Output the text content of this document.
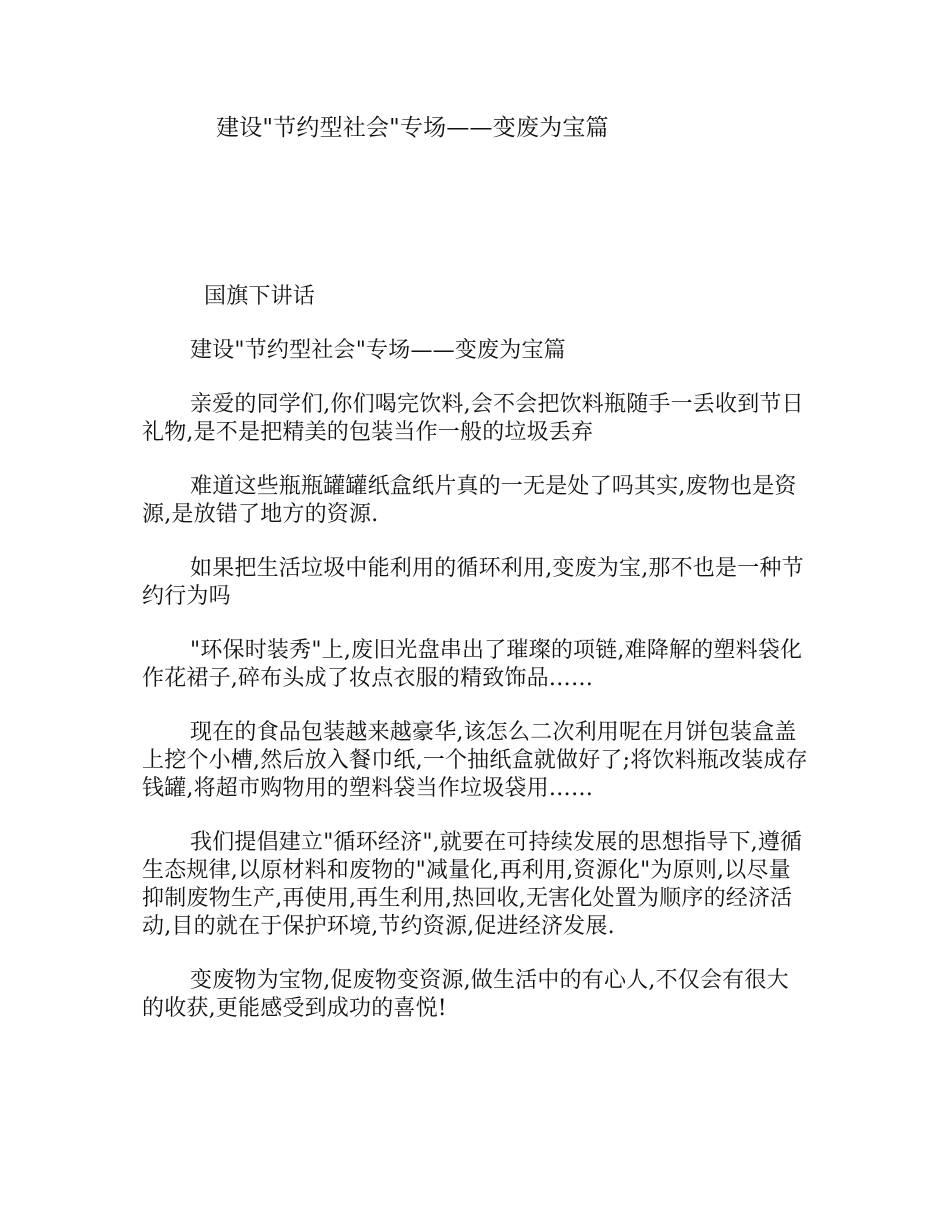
建设"节约型社会"专场——变废为宝篇

国旗下讲话

建设"节约型社会"专场——变废为宝篇

亲爱的同学们,你们喝完饮料,会不会把饮料瓶随手一丢收到节日礼物,是不是把精美的包装当作一般的垃圾丢弃

难道这些瓶瓶罐罐纸盒纸片真的一无是处了吗其实,废物也是资源,是放错了地方的资源.

如果把生活垃圾中能利用的循环利用,变废为宝,那不也是一种节约行为吗

"环保时装秀"上,废旧光盘串出了璀璨的项链,难降解的塑料袋化作花裙子,碎布头成了妆点衣服的精致饰品……

现在的食品包装越来越豪华,该怎么二次利用呢在月饼包装盒盖上挖个小槽,然后放入餐巾纸,一个抽纸盒就做好了;将饮料瓶改装成存钱罐,将超市购物用的塑料袋当作垃圾袋用……

我们提倡建立"循环经济",就要在可持续发展的思想指导下,遵循生态规律,以原材料和废物的"减量化,再利用,资源化"为原则,以尽量抑制废物生产,再使用,再生利用,热回收,无害化处置为顺序的经济活动,目的就在于保护环境,节约资源,促进经济发展.

变废物为宝物,促废物变资源,做生活中的有心人,不仅会有很大的收获,更能感受到成功的喜悦!
